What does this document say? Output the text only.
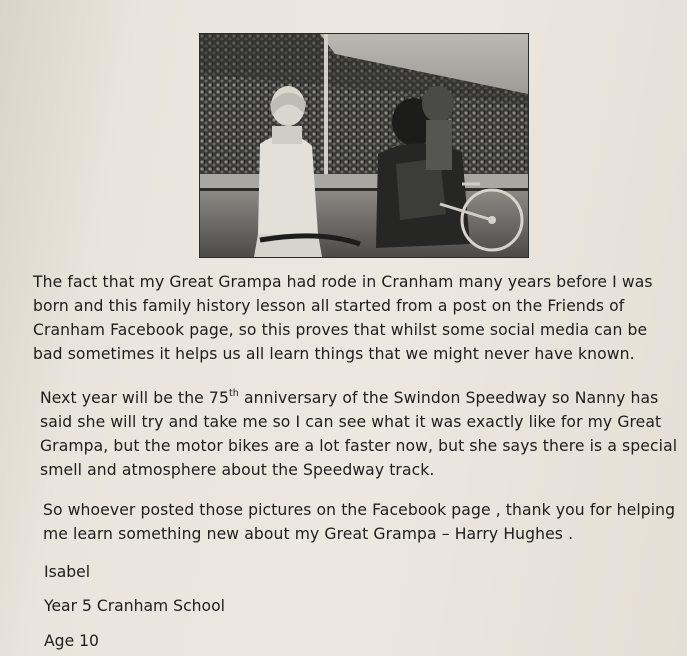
The fact that my Great Grampa had rode in Cranham many years before I was
born and this family history lesson all started from a post on the Friends of
Cranham Facebook page, so this proves that whilst some social media can be
bad sometimes it helps us all learn things that we might never have known.

Next year will be the 75th anniversary of the Swindon Speedway so Nanny has
said she will try and take me so I can see what it was exactly like for my Great
Grampa, but the motor bikes are a lot faster now, but she says there is a special
smell and atmosphere about the Speedway track.

So whoever posted those pictures on the Facebook page , thank you for helping
me learn something new about my Great Grampa – Harry Hughes .

Isabel

Year 5 Cranham School

Age 10
